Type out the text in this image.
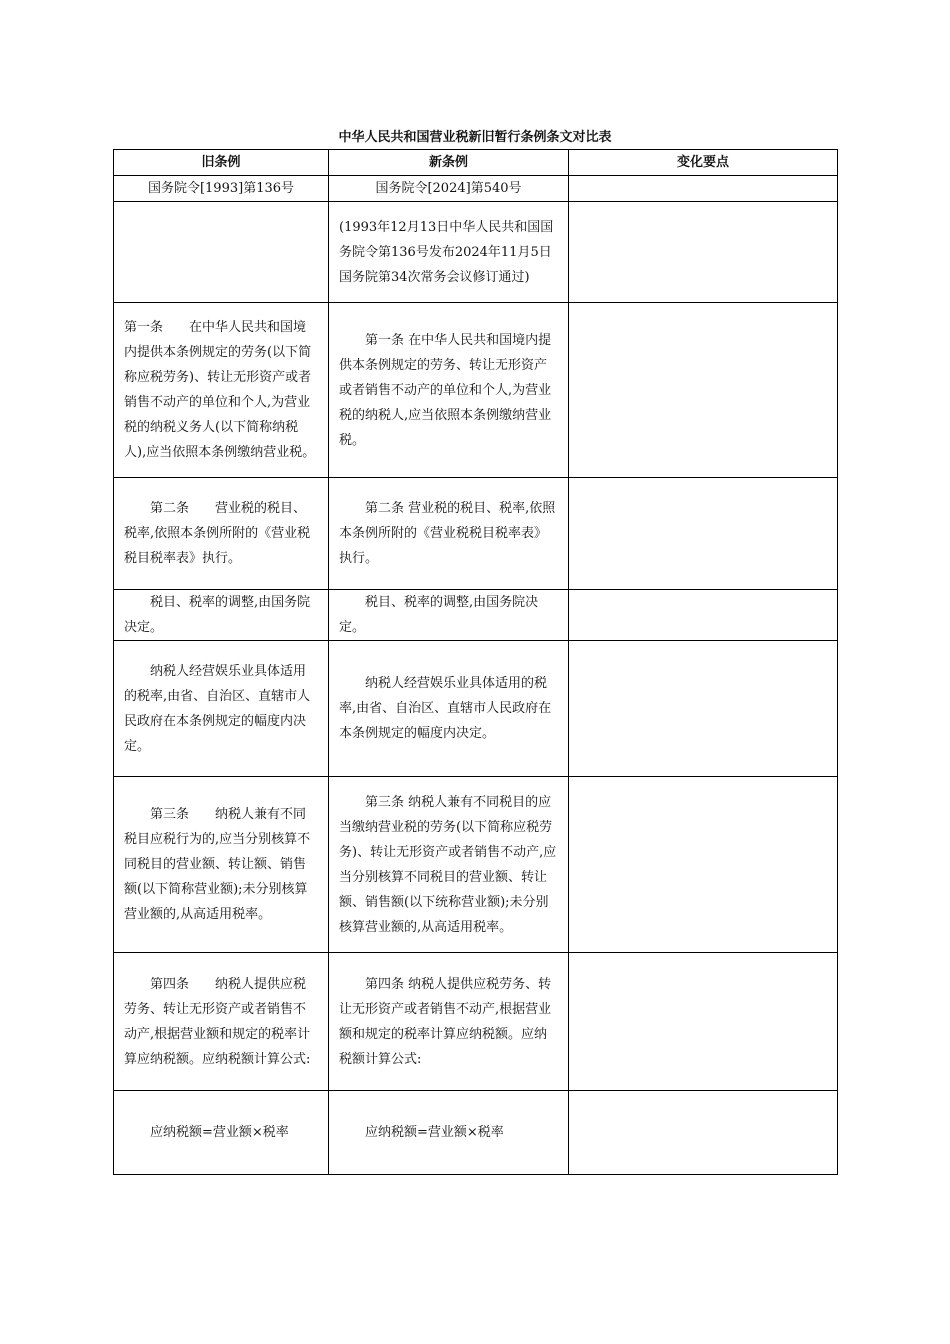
中华人民共和国营业税新旧暂行条例条文对比表
旧条例	新条例	变化要点
国务院令[1993]第136号	国务院令[2024]第540号	
	(1993年12月13日中华人民共和国国务院令第136号发布2024年11月5日国务院第34次常务会议修订通过)	
第一条　　在中华人民共和国境内提供本条例规定的劳务(以下简称应税劳务)、转让无形资产或者销售不动产的单位和个人,为营业税的纳税义务人(以下简称纳税人),应当依照本条例缴纳营业税。	第一条 在中华人民共和国境内提供本条例规定的劳务、转让无形资产或者销售不动产的单位和个人,为营业税的纳税人,应当依照本条例缴纳营业税。	
第二条　　营业税的税目、税率,依照本条例所附的《营业税税目税率表》执行。	第二条 营业税的税目、税率,依照本条例所附的《营业税税目税率表》执行。	
税目、税率的调整,由国务院决定。	税目、税率的调整,由国务院决定。	
纳税人经营娱乐业具体适用的税率,由省、自治区、直辖市人民政府在本条例规定的幅度内决定。	纳税人经营娱乐业具体适用的税率,由省、自治区、直辖市人民政府在本条例规定的幅度内决定。	
第三条　　纳税人兼有不同税目应税行为的,应当分别核算不同税目的营业额、转让额、销售额(以下简称营业额);未分别核算营业额的,从高适用税率。	第三条 纳税人兼有不同税目的应当缴纳营业税的劳务(以下简称应税劳务)、转让无形资产或者销售不动产,应当分别核算不同税目的营业额、转让额、销售额(以下统称营业额);未分别核算营业额的,从高适用税率。	
第四条　　纳税人提供应税劳务、转让无形资产或者销售不动产,根据营业额和规定的税率计算应纳税额。应纳税额计算公式:	第四条 纳税人提供应税劳务、转让无形资产或者销售不动产,根据营业额和规定的税率计算应纳税额。应纳税额计算公式:	
应纳税额=营业额×税率	应纳税额=营业额×税率	
